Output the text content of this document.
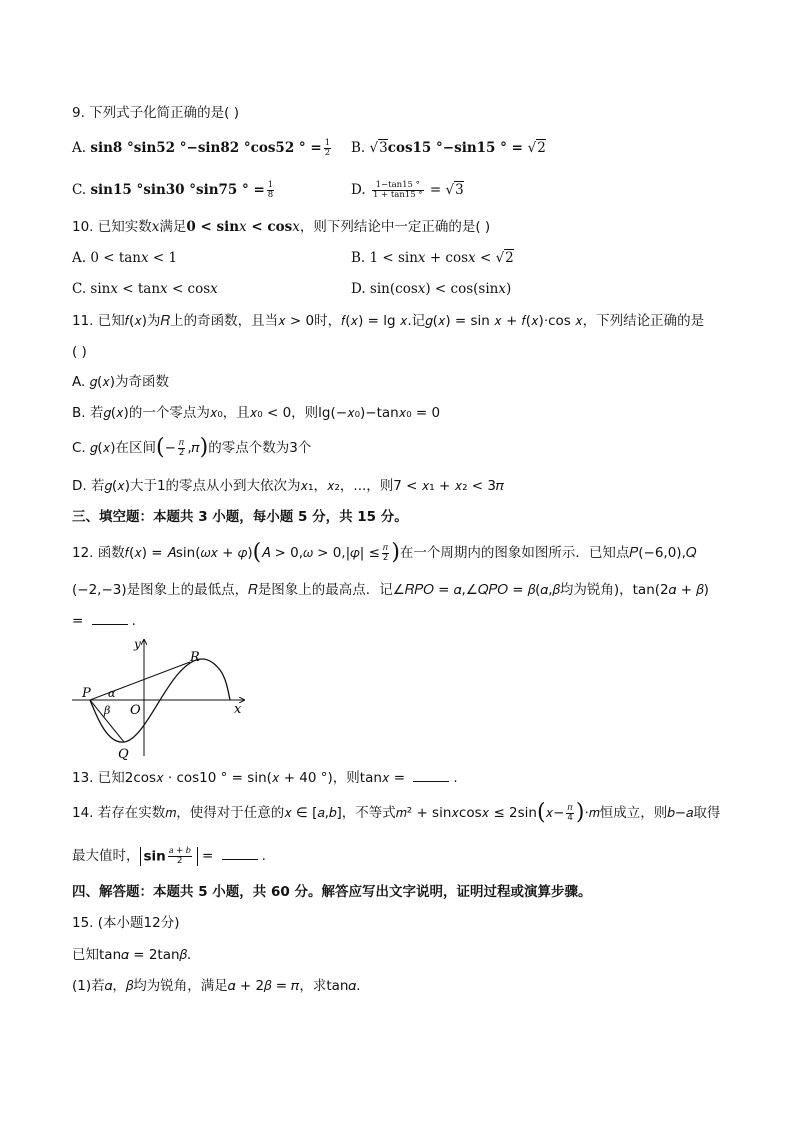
9. 下列式子化简正确的是( )
A. sin8 °sin52 °−sin82 °cos52 ° = $\frac{1}{2} B$. √3cos15 °−sin15 ° = √2
C. sin15 °sin30 °sin75 ° = $\frac{1}{8}$	D. $\frac{1-\tan 15 ^\circ}{1 + \tan 15 ^\circ} = √3$
10. 已知实数x满足0 < sinx < cosx，则下列结论中一定正确的是( )
A. 0 < tan𝑥 < 1	B. 1 < sin𝑥 + cos𝑥 < √2
C. sin𝑥 < tan𝑥 < cos𝑥	D. sin(cos𝑥) < cos(sin𝑥)
11. 已知𝑓(𝑥)为𝑅上的奇函数，且当𝑥 > 0时，𝑓(𝑥) = lg 𝑥.记𝑔(𝑥) = sin 𝑥 + 𝑓(𝑥)⋅cos 𝑥，下列结论正确的是
( )
A. 𝑔(𝑥)为奇函数
B. 若𝑔(𝑥)的一个零点为𝑥₀，且𝑥₀ < 0，则lg(−𝑥₀)−tan𝑥₀ = 0
C. 𝑔(𝑥)在区间(− $\frac{\text{𝜋}}{2}$ ,𝜋)的零点个数为3个
D. 若𝑔(𝑥)大于1的零点从小到大依次为𝑥₁，𝑥₂，...，则7 < 𝑥₁ + 𝑥₂ < 3𝜋
三、填空题：本题共 3 小题，每小题 5 分，共 15 分。
12. 函数𝑓(𝑥) = 𝐴sin(𝜔𝑥 + 𝜑)(𝐴 > 0,𝜔 > 0,|𝜑| ≤ $\frac{\text{𝜋}}{2}$ )在一个周期内的图象如图所示．已知点𝑃(−6,0),𝑄
(−2,−3)是图象上的最低点，𝑅是图象上的最高点．记∠𝑅𝑃𝑂 = 𝛼,∠𝑄𝑃𝑂 = 𝛽(𝛼,𝛽均为锐角)，tan(2𝛼 + 𝛽)
=	.
R
y
x
P α
β O
Q
13. 已知2cos𝑥 ⋅ cos10 ° = sin(𝑥 + 40 °)，则tan𝑥 =	.
14. 若存在实数𝑚，使得对于任意的𝑥 ∈ [𝑎,𝑏]，不等式𝑚² + sin𝑥cos𝑥 ≤ 2sin(𝑥− $\frac{\text{𝜋}}{4}$ )⋅𝑚恒成立，则𝑏−𝑎取得
最大值时， $\sin \frac{\text{𝑎 + 𝑏}}{2}$ =	.
四、解答题：本题共 5 小题，共 60 分。解答应写出文字说明，证明过程或演算步骤。
15. (本小题12分)
已知tan𝛼 = 2tan𝛽.
(1)若𝛼，𝛽均为锐角，满足𝛼 + 2𝛽 = 𝜋，求tan𝛼.
